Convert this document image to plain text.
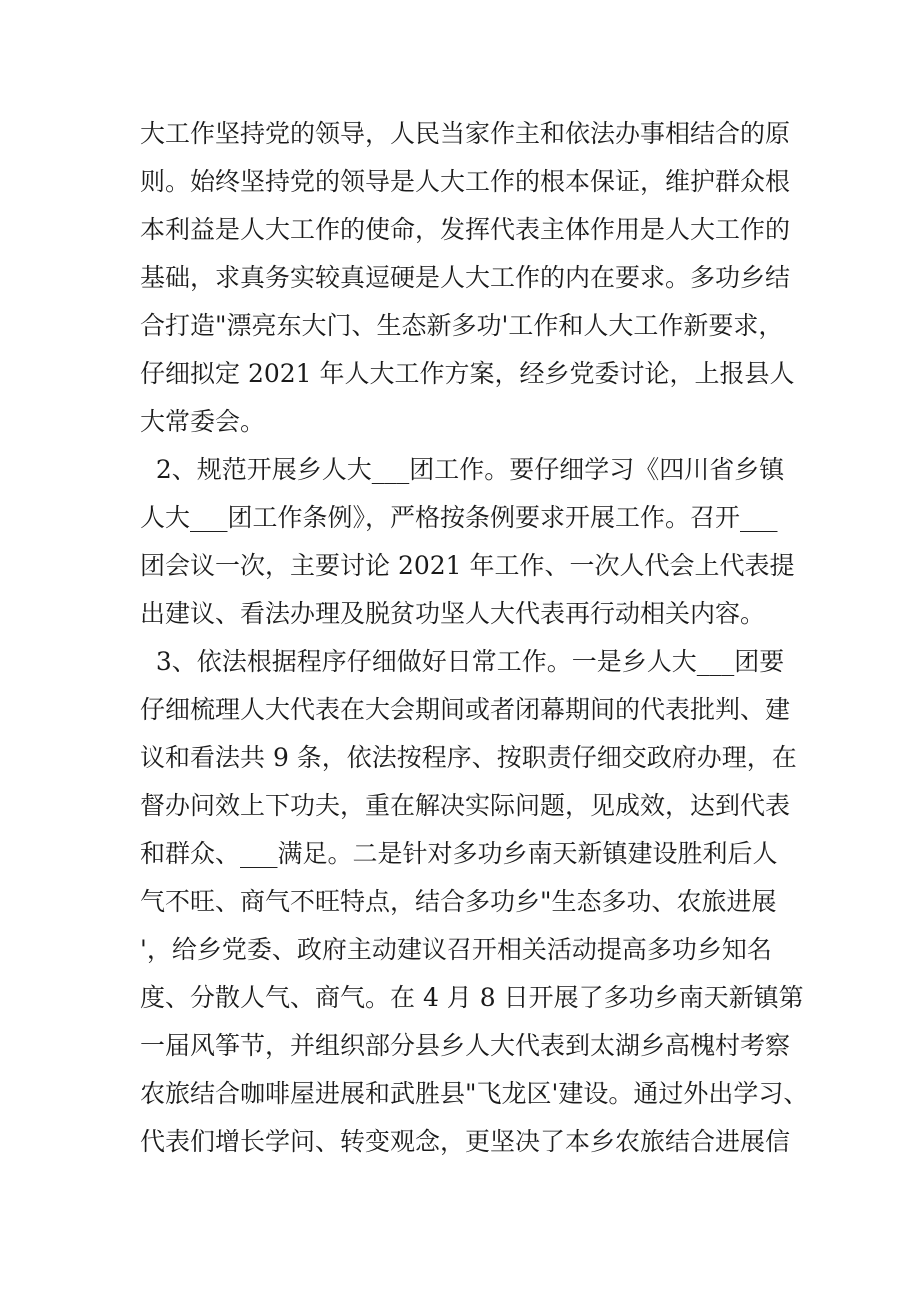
大工作坚持党的领导，人民当家作主和依法办事相结合的原
则。始终坚持党的领导是人大工作的根本保证，维护群众根
本利益是人大工作的使命，发挥代表主体作用是人大工作的
基础，求真务实较真逗硬是人大工作的内在要求。多功乡结
合打造"漂亮东大门、生态新多功'工作和人大工作新要求，
仔细拟定 2021 年人大工作方案，经乡党委讨论，上报县人
大常委会。
2、规范开展乡人大___团工作。要仔细学习《四川省乡镇
人大___团工作条例》，严格按条例要求开展工作。召开___
团会议一次，主要讨论 2021 年工作、一次人代会上代表提
出建议、看法办理及脱贫功坚人大代表再行动相关内容。
3、依法根据程序仔细做好日常工作。一是乡人大___团要
仔细梳理人大代表在大会期间或者闭幕期间的代表批判、建
议和看法共 9 条，依法按程序、按职责仔细交政府办理，在
督办问效上下功夫，重在解决实际问题，见成效，达到代表
和群众、___满足。二是针对多功乡南天新镇建设胜利后人
气不旺、商气不旺特点，结合多功乡"生态多功、农旅进展
'，给乡党委、政府主动建议召开相关活动提高多功乡知名
度、分散人气、商气。在 4 月 8 日开展了多功乡南天新镇第
一届风筝节，并组织部分县乡人大代表到太湖乡高槐村考察
农旅结合咖啡屋进展和武胜县"飞龙区'建设。通过外出学习、
代表们增长学问、转变观念，更坚决了本乡农旅结合进展信
